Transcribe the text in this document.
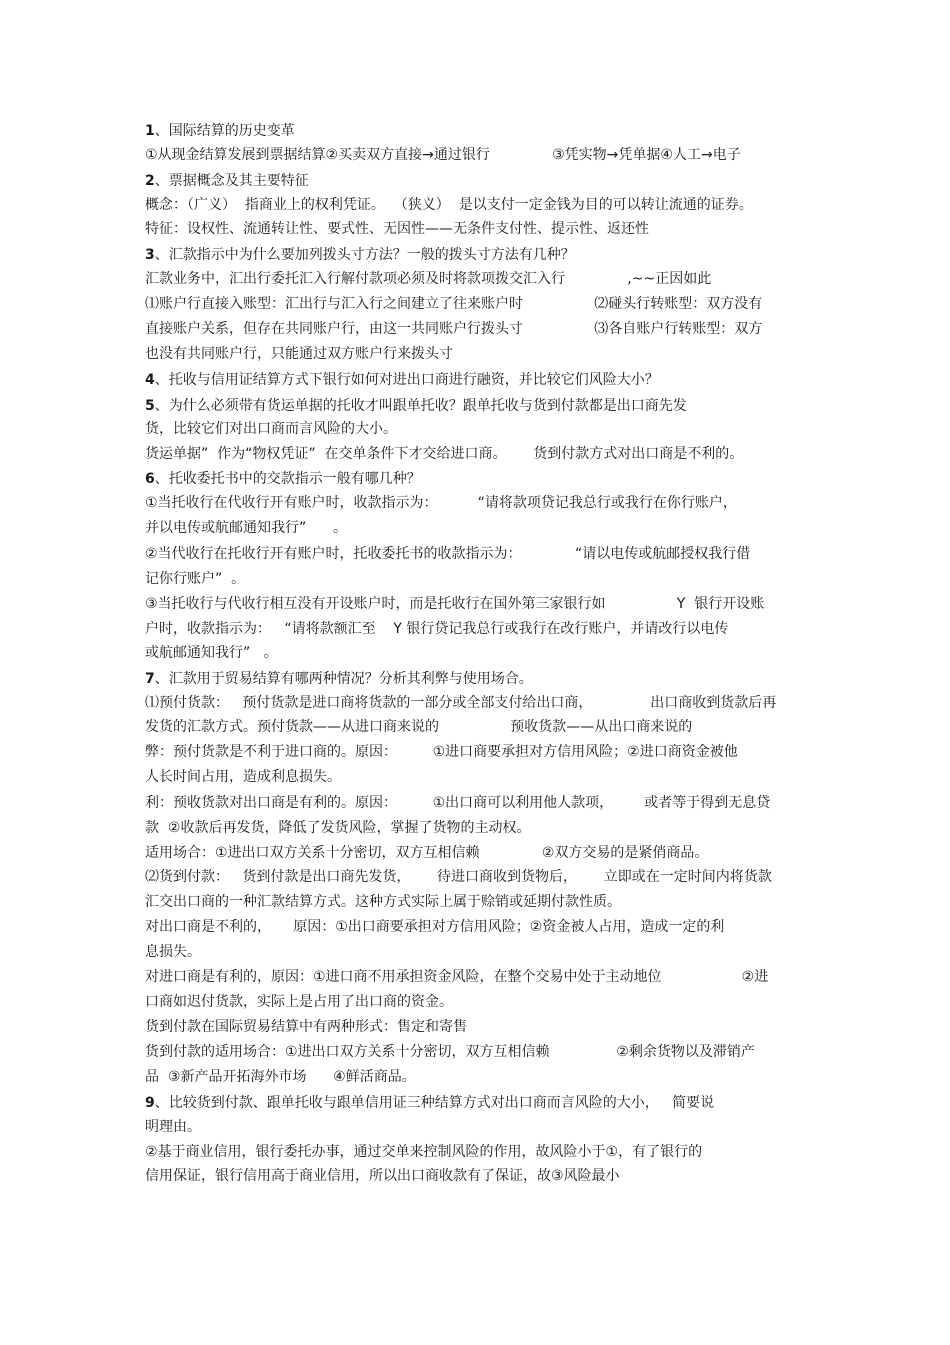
1、国际结算的历史变革
①从现金结算发展到票据结算②买卖双方直接→通过银行              ③凭实物→凭单据④人工→电子
2、票据概念及其主要特征
概念：（广义）  指商业上的权利凭证。  （狭义）  是以支付一定金钱为目的可以转让流通的证券。
特征：设权性、流通转让性、要式性、无因性——无条件支付性、提示性、返还性
3、汇款指示中为什么要加列拨头寸方法？一般的拨头寸方法有几种？
汇款业务中，汇出行委托汇入行解付款项必须及时将款项拨交汇入行              ,~~正因如此
⑴账户行直接入账型：汇出行与汇入行之间建立了往来账户时                ⑵碰头行转账型：双方没有
直接账户关系，但存在共同账户行，由这一共同账户行拨头寸                ⑶各自账户行转账型：双方
也没有共同账户行，只能通过双方账户行来拨头寸
4、托收与信用证结算方式下银行如何对进出口商进行融资，并比较它们风险大小？
5、为什么必须带有货运单据的托收才叫跟单托收？跟单托收与货到付款都是出口商先发
货，比较它们对出口商而言风险的大小。
货运单据”  作为“物权凭证”  在交单条件下才交给进口商。      货到付款方式对出口商是不利的。
6、托收委托书中的交款指示一般有哪几种？
①当托收行在代收行开有账户时，收款指示为：         “请将款项贷记我总行或我行在你行账户，
并以电传或航邮通知我行”      。
②当代收行在托收行开有账户时，托收委托书的收款指示为：            “请以电传或航邮授权我行借
记你行账户”  。
③当托收行与代收行相互没有开设账户时，而是托收行在国外第三家银行如                Y  银行开设账
户时，收款指示为：   “请将款额汇至    Y 银行贷记我总行或我行在改行账户，并请改行以电传
或航邮通知我行”   。
7、汇款用于贸易结算有哪两种情况？分析其利弊与使用场合。
⑴预付货款：   预付货款是进口商将货款的一部分或全部支付给出口商，             出口商收到货款后再
发货的汇款方式。预付货款——从进口商来说的                预收货款——从出口商来说的
弊：预付货款是不利于进口商的。原因：        ①进口商要承担对方信用风险；②进口商资金被他
人长时间占用，造成利息损失。
利：预收货款对出口商是有利的。原因：        ①出口商可以利用他人款项，       或者等于得到无息贷
款  ②收款后再发货，降低了发货风险，掌握了货物的主动权。
适用场合：①进出口双方关系十分密切，双方互相信赖              ②双方交易的是紧俏商品。
⑵货到付款：   货到付款是出口商先发货，      待进口商收到货物后，      立即或在一定时间内将货款
汇交出口商的一种汇款结算方式。这种方式实际上属于赊销或延期付款性质。
对出口商是不利的，     原因：①出口商要承担对方信用风险；②资金被人占用，造成一定的利
息损失。
对进口商是有利的，原因：①进口商不用承担资金风险，在整个交易中处于主动地位                  ②进
口商如迟付货款，实际上是占用了出口商的资金。
货到付款在国际贸易结算中有两种形式：售定和寄售
货到付款的适用场合：①进出口双方关系十分密切，双方互相信赖               ②剩余货物以及滞销产
品  ③新产品开拓海外市场      ④鲜活商品。
9、比较货到付款、跟单托收与跟单信用证三种结算方式对出口商而言风险的大小，   简要说
明理由。
②基于商业信用，银行委托办事，通过交单来控制风险的作用，故风险小于①，有了银行的
信用保证，银行信用高于商业信用，所以出口商收款有了保证，故③风险最小
